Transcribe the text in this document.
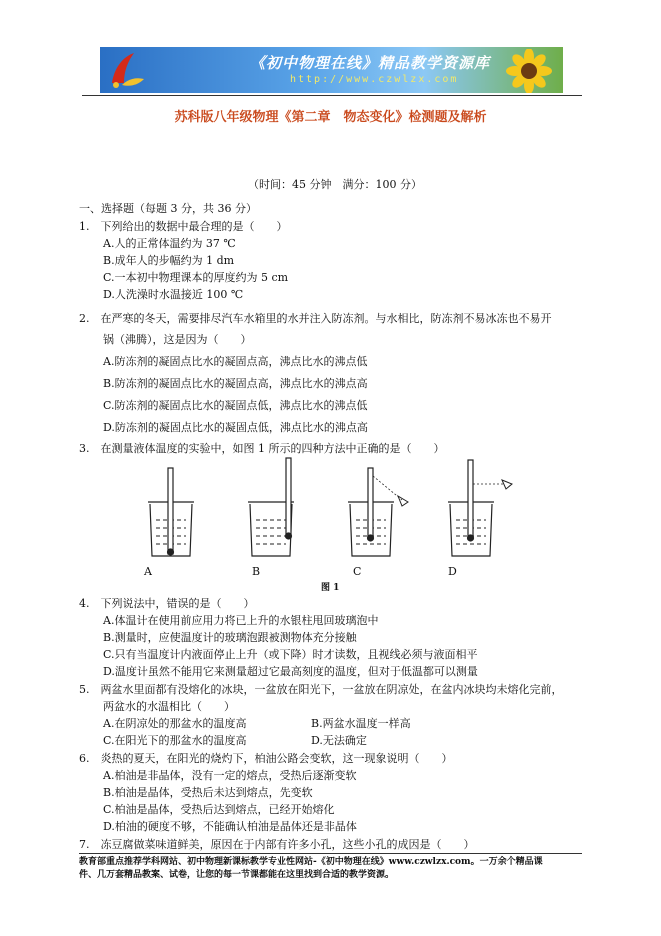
《初中物理在线》精品教学资源库
http://www.czwlzx.com
苏科版八年级物理《第二章　物态变化》检测题及解析
（时间：45 分钟　满分：100 分）
一、选择题（每题 3 分，共 36 分）
1.　下列给出的数据中最合理的是（　　）
A.人的正常体温约为 37 ℃
B.成年人的步幅约为 1 dm
C.一本初中物理课本的厚度约为 5 cm
D.人洗澡时水温接近 100 ℃
2.　在严寒的冬天，需要排尽汽车水箱里的水并注入防冻剂。与水相比，防冻剂不易冰冻也不易开
锅（沸腾），这是因为（　　）
A.防冻剂的凝固点比水的凝固点高，沸点比水的沸点低
B.防冻剂的凝固点比水的凝固点高，沸点比水的沸点高
C.防冻剂的凝固点比水的凝固点低，沸点比水的沸点低
D.防冻剂的凝固点比水的凝固点低，沸点比水的沸点高
3.　在测量液体温度的实验中，如图 1 所示的四种方法中正确的是（　　）
A	B	C	D
图 1
4.　下列说法中，错误的是（　　）
A.体温计在使用前应用力将已上升的水银柱甩回玻璃泡中
B.测量时，应使温度计的玻璃泡跟被测物体充分接触
C.只有当温度计内液面停止上升（或下降）时才读数，且视线必须与液面相平
D.温度计虽然不能用它来测量超过它最高刻度的温度，但对于低温都可以测量
5.　两盆水里面都有没熔化的冰块，一盆放在阳光下，一盆放在阴凉处，在盆内冰块均未熔化完前，
两盆水的水温相比（　　）
A.在阴凉处的那盆水的温度高	B.两盆水温度一样高
C.在阳光下的那盆水的温度高	D.无法确定
6.　炎热的夏天，在阳光的烧灼下，柏油公路会变软，这一现象说明（　　）
A.柏油是非晶体，没有一定的熔点，受热后逐渐变软
B.柏油是晶体，受热后未达到熔点，先变软
C.柏油是晶体，受热后达到熔点，已经开始熔化
D.柏油的硬度不够，不能确认柏油是晶体还是非晶体
7.　冻豆腐做菜味道鲜美，原因在于内部有许多小孔，这些小孔的成因是（　　）
教育部重点推荐学科网站、初中物理新课标教学专业性网站-《初中物理在线》www.czwlzx.com。一万余个精品课
件、几万套精品教案、试卷，让您的每一节课都能在这里找到合适的教学资源。
